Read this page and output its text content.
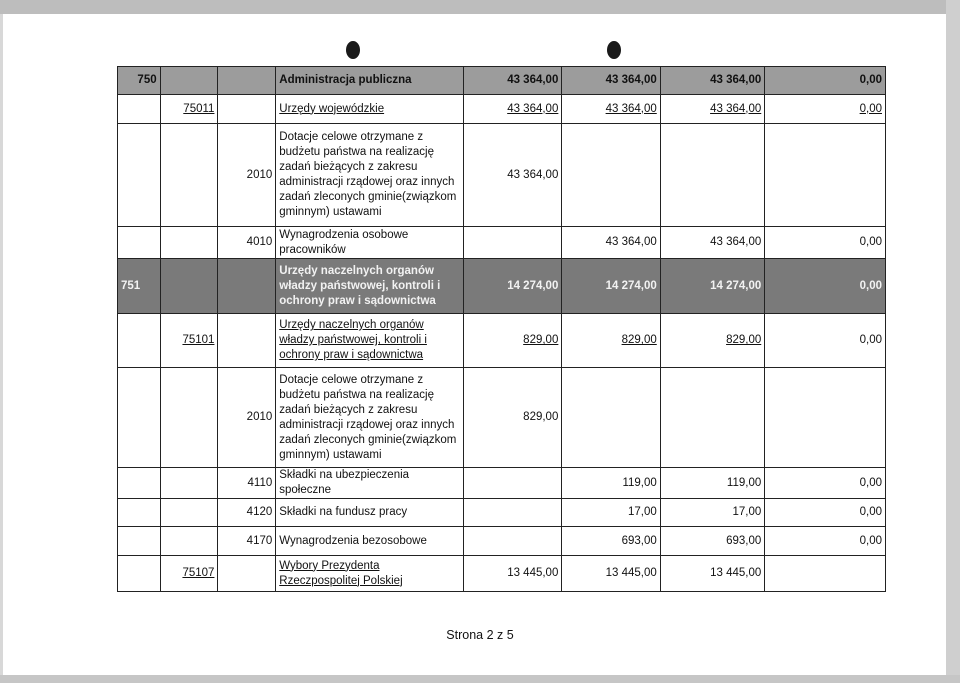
750			Administracja publiczna	43 364,00	43 364,00	43 364,00	0,00
	75011		Urzędy wojewódzkie	43 364,00	43 364,00	43 364,00	0,00
		2010	Dotacje celowe otrzymane z budżetu państwa na realizację zadań bieżących z zakresu administracji rządowej oraz innych zadań zleconych gminie(związkom gminnym) ustawami	43 364,00			
		4010	Wynagrodzenia osobowe pracowników		43 364,00	43 364,00	0,00
751			Urzędy naczelnych organów władzy państwowej, kontroli i ochrony praw i sądownictwa	14 274,00	14 274,00	14 274,00	0,00
	75101		Urzędy naczelnych organów władzy państwowej, kontroli i ochrony praw i sądownictwa	829,00	829,00	829,00	0,00
		2010	Dotacje celowe otrzymane z budżetu państwa na realizację zadań bieżących z zakresu administracji rządowej oraz innych zadań zleconych gminie(związkom gminnym) ustawami	829,00			
		4110	Składki na ubezpieczenia społeczne		119,00	119,00	0,00
		4120	Składki na fundusz pracy		17,00	17,00	0,00
		4170	Wynagrodzenia bezosobowe		693,00	693,00	0,00
	75107		Wybory Prezydenta Rzeczpospolitej Polskiej	13 445,00	13 445,00	13 445,00	
Strona 2 z 5
